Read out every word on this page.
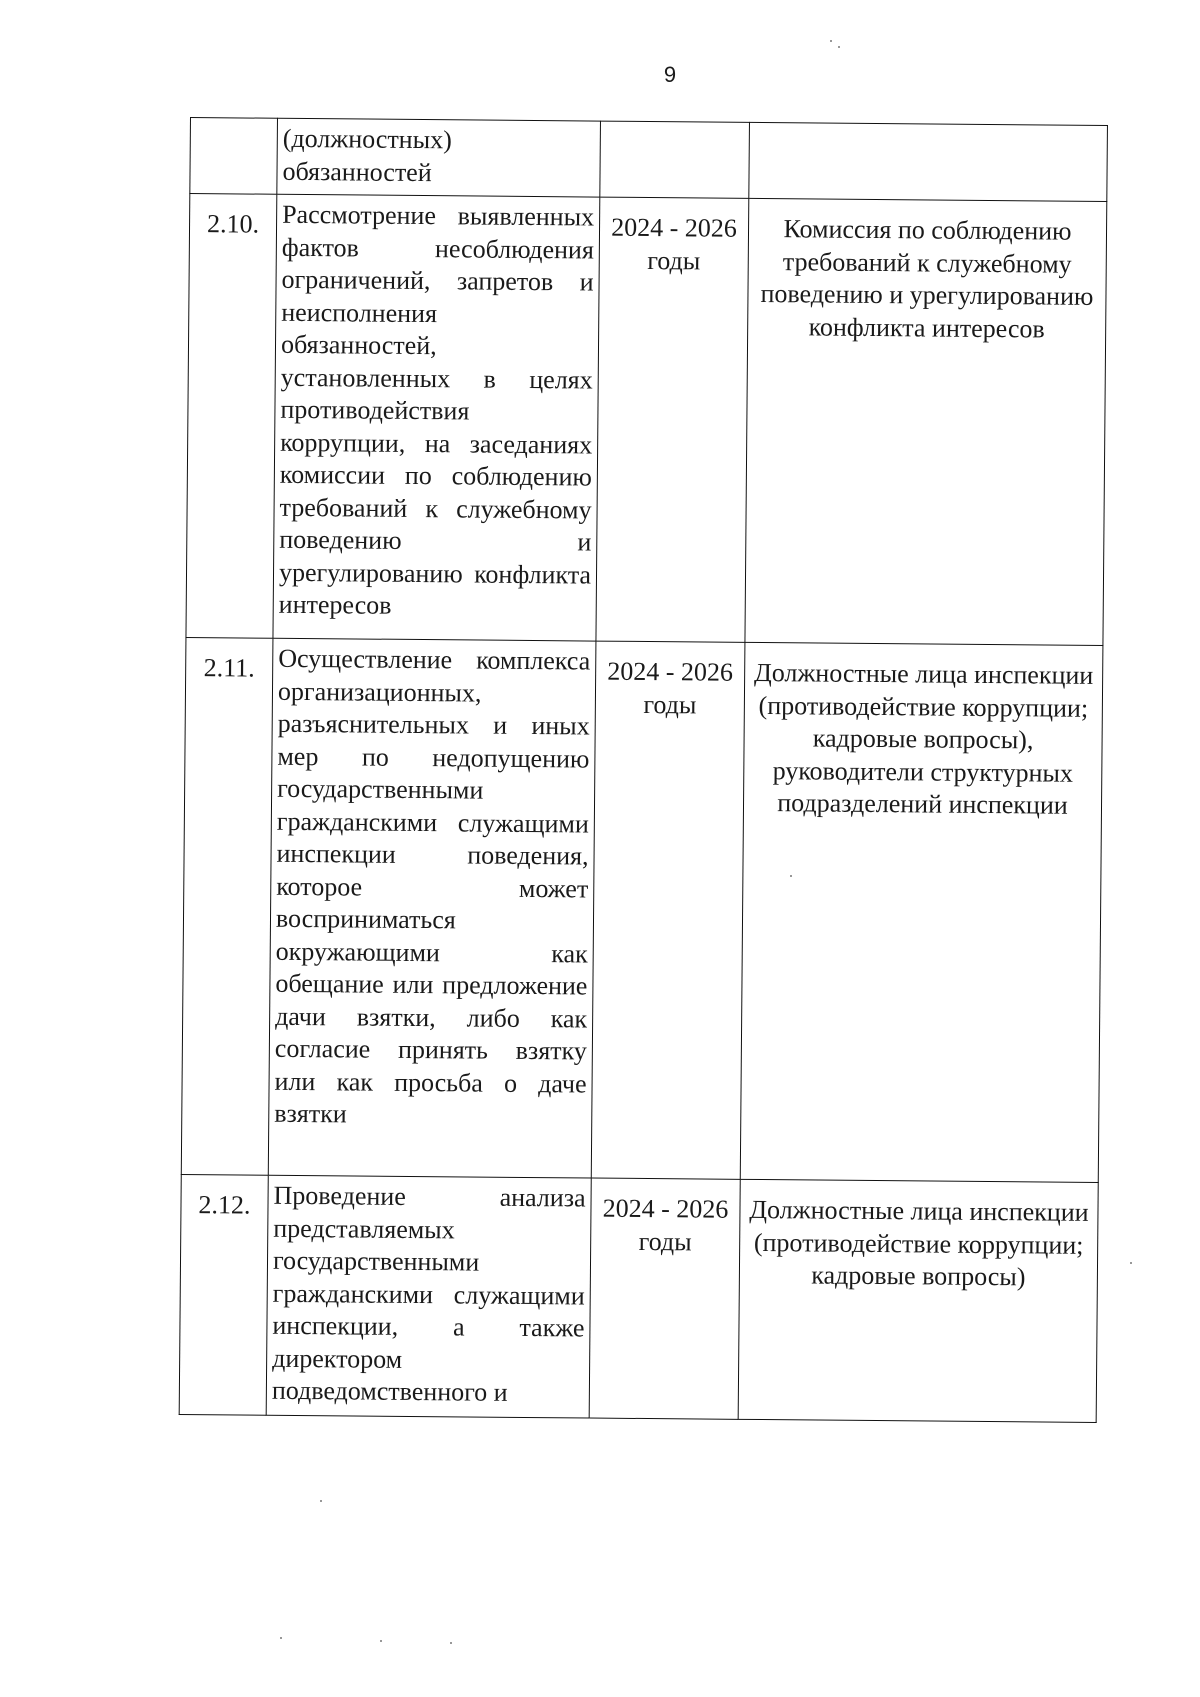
9

	(должностных) обязанностей		

2.10.	Рассмотрение выявленных фактов несоблюдения ограничений, запретов и неисполнения обязанностей, установленных в целях противодействия коррупции, на заседаниях комиссии по соблюдению требований к служебному поведению и урегулированию конфликта интересов	2024 - 2026 годы	Комиссия по соблюдению требований к служебному поведению и урегулированию конфликта интересов
2.11.	Осуществление комплекса организационных, разъяснительных и иных мер по недопущению государственными гражданскими служащими инспекции поведения, которое может восприниматься окружающими как обещание или предложение дачи взятки, либо как согласие принять взятку или как просьба о даче взятки	2024 - 2026 годы	Должностные лица инспекции (противодействие коррупции; кадровые вопросы), руководители структурных подразделений инспекции
2.12.	Проведение анализа представляемых государственными гражданскими служащими инспекции, а также директором подведомственного и	2024 - 2026 годы	Должностные лица инспекции (противодействие коррупции; кадровые вопросы)
